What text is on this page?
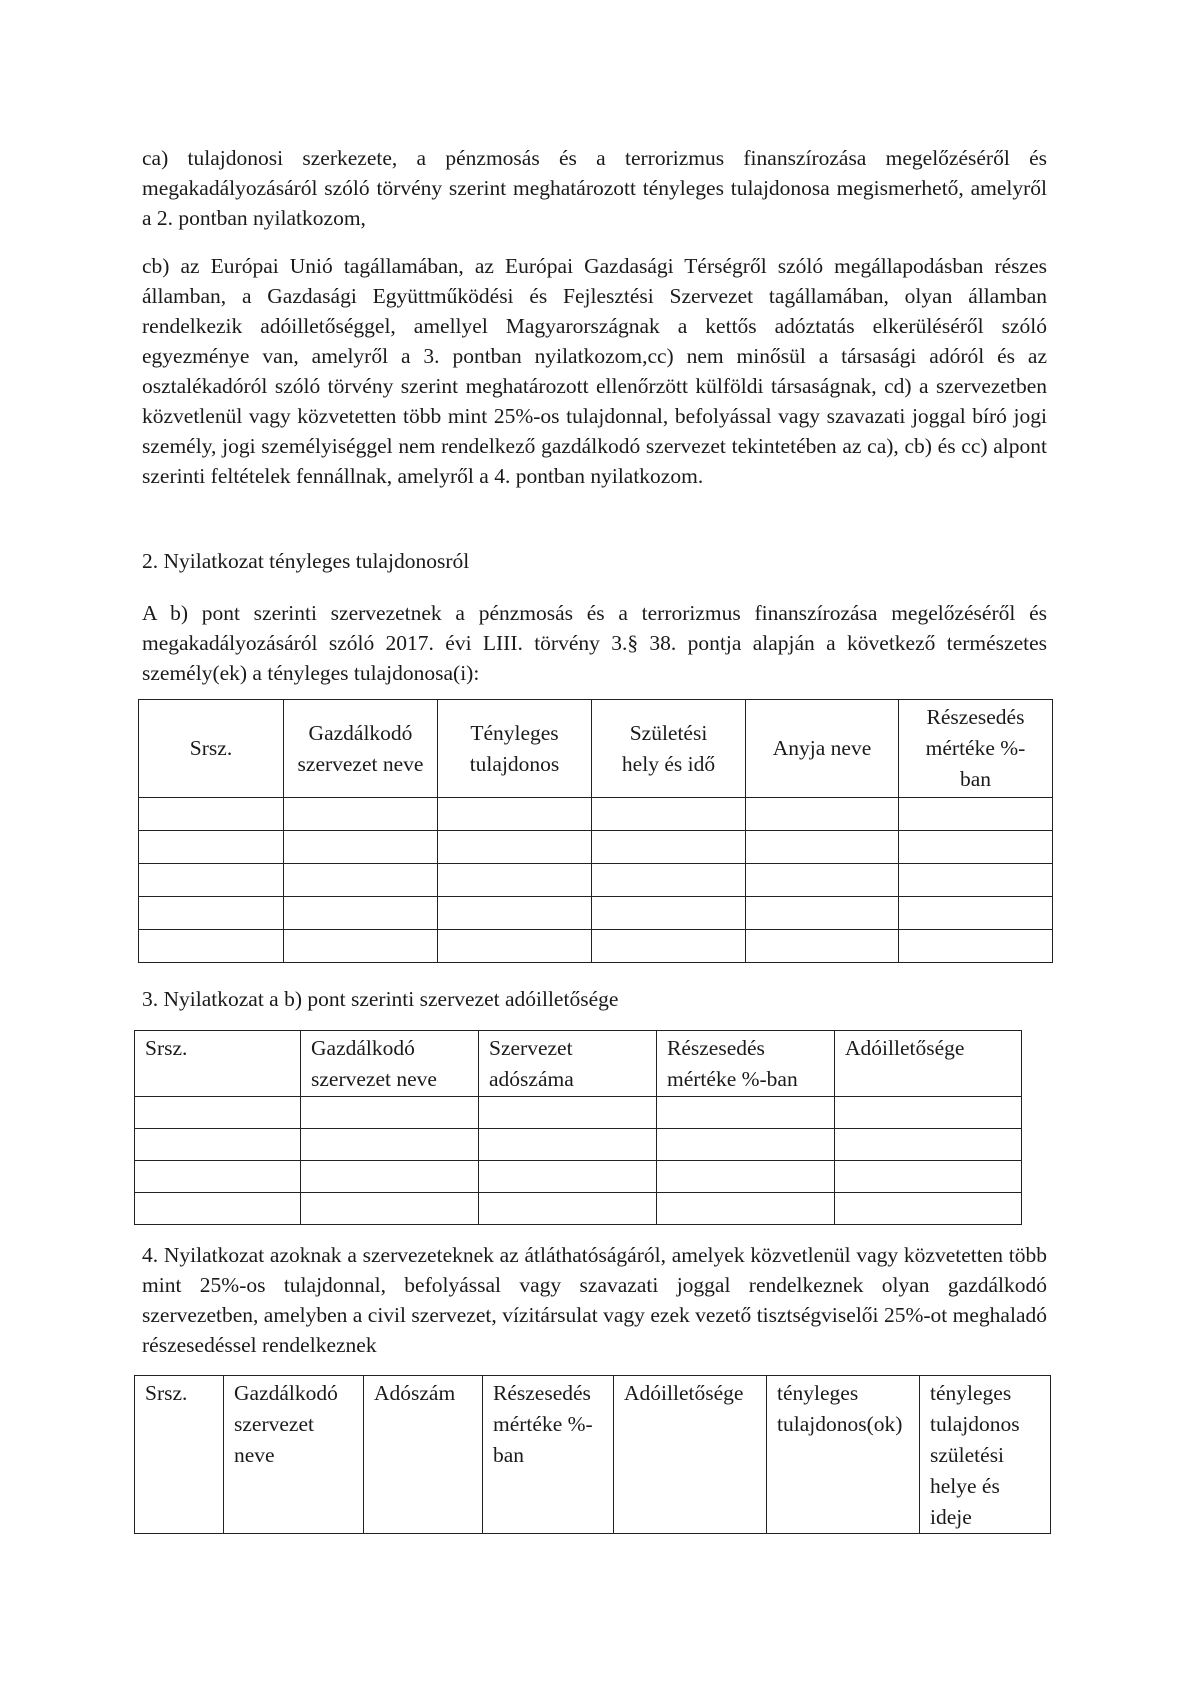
ca) tulajdonosi szerkezete, a pénzmosás és a terrorizmus finanszírozása megelőzéséről és megakadályozásáról szóló törvény szerint meghatározott tényleges tulajdonosa megismerhető, amelyről a 2. pontban nyilatkozom,

cb) az Európai Unió tagállamában, az Európai Gazdasági Térségről szóló megállapodásban részes államban, a Gazdasági Együttműködési és Fejlesztési Szervezet tagállamában, olyan államban rendelkezik adóilletőséggel, amellyel Magyarországnak a kettős adóztatás elkerüléséről szóló egyezménye van, amelyről a 3. pontban nyilatkozom,cc) nem minősül a társasági adóról és az osztalékadóról szóló törvény szerint meghatározott ellenőrzött külföldi társaságnak, cd) a szervezetben közvetlenül vagy közvetetten több mint 25%-os tulajdonnal, befolyással vagy szavazati joggal bíró jogi személy, jogi személyiséggel nem rendelkező gazdálkodó szervezet tekintetében az ca), cb) és cc) alpont szerinti feltételek fennállnak, amelyről a 4. pontban nyilatkozom.

2. Nyilatkozat tényleges tulajdonosról

A b) pont szerinti szervezetnek a pénzmosás és a terrorizmus finanszírozása megelőzéséről és megakadályozásáról szóló 2017. évi LIII. törvény 3.§ 38. pontja alapján a következő természetes személy(ek) a tényleges tulajdonosa(i):

Srsz.	Gazdálkodó szervezet neve	Tényleges tulajdonos	Születési hely és idő	Anyja neve	Részesedés mértéke %-ban

3. Nyilatkozat a b) pont szerinti szervezet adóilletősége

Srsz.	Gazdálkodó szervezet neve	Szervezet adószáma	Részesedés mértéke %-ban	Adóilletősége

4. Nyilatkozat azoknak a szervezeteknek az átláthatóságáról, amelyek közvetlenül vagy közvetetten több mint 25%-os tulajdonnal, befolyással vagy szavazati joggal rendelkeznek olyan gazdálkodó szervezetben, amelyben a civil szervezet, vízitársulat vagy ezek vezető tisztségviselői 25%-ot meghaladó részesedéssel rendelkeznek

Srsz.	Gazdálkodó szervezet neve	Adószám	Részesedés mértéke %-ban	Adóilletősége	tényleges tulajdonos(ok)	tényleges tulajdonos születési helye és ideje
